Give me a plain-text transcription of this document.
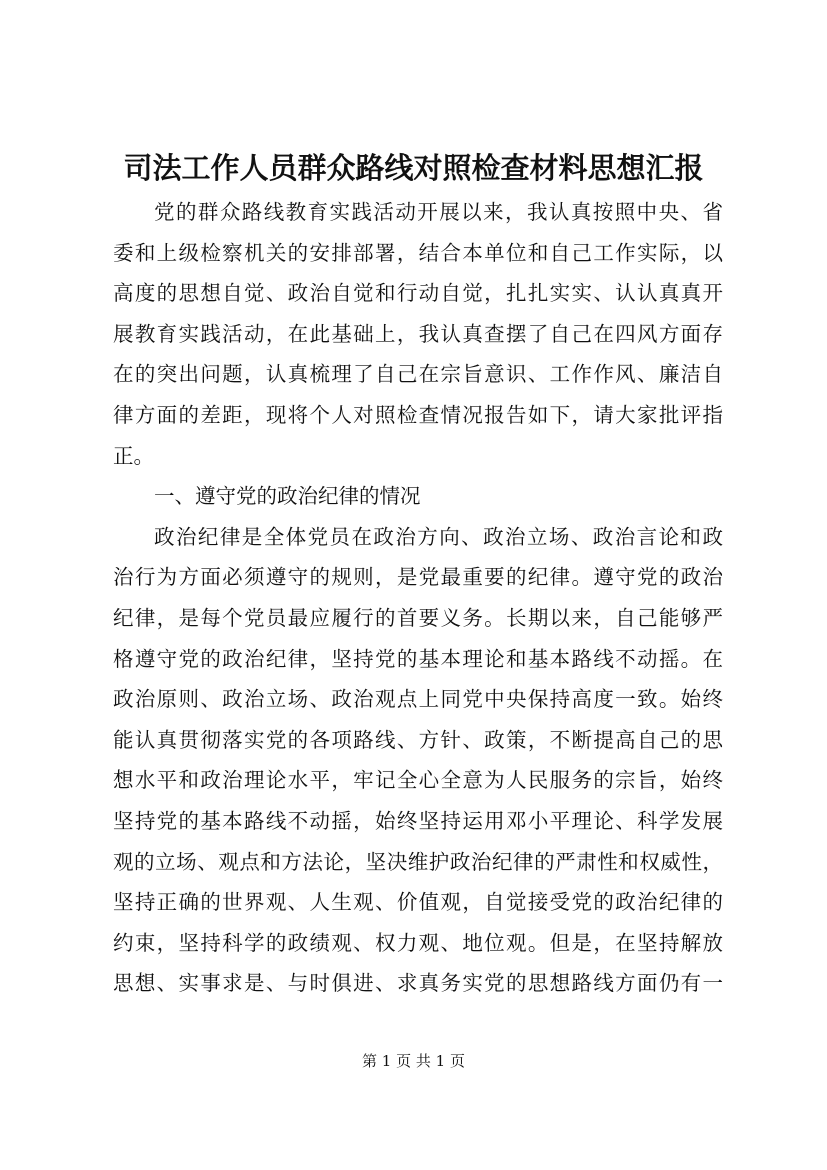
司法工作人员群众路线对照检查材料思想汇报
党的群众路线教育实践活动开展以来，我认真按照中央、省
委和上级检察机关的安排部署，结合本单位和自己工作实际，以
高度的思想自觉、政治自觉和行动自觉，扎扎实实、认认真真开
展教育实践活动，在此基础上，我认真查摆了自己在四风方面存
在的突出问题，认真梳理了自己在宗旨意识、工作作风、廉洁自
律方面的差距，现将个人对照检查情况报告如下，请大家批评指
正。
一、遵守党的政治纪律的情况
政治纪律是全体党员在政治方向、政治立场、政治言论和政
治行为方面必须遵守的规则，是党最重要的纪律。遵守党的政治
纪律，是每个党员最应履行的首要义务。长期以来，自己能够严
格遵守党的政治纪律，坚持党的基本理论和基本路线不动摇。在
政治原则、政治立场、政治观点上同党中央保持高度一致。始终
能认真贯彻落实党的各项路线、方针、政策，不断提高自己的思
想水平和政治理论水平，牢记全心全意为人民服务的宗旨，始终
坚持党的基本路线不动摇，始终坚持运用邓小平理论、科学发展
观的立场、观点和方法论，坚决维护政治纪律的严肃性和权威性，
坚持正确的世界观、人生观、价值观，自觉接受党的政治纪律的
约束，坚持科学的政绩观、权力观、地位观。但是，在坚持解放
思想、实事求是、与时俱进、求真务实党的思想路线方面仍有一
第 1 页 共 1 页
